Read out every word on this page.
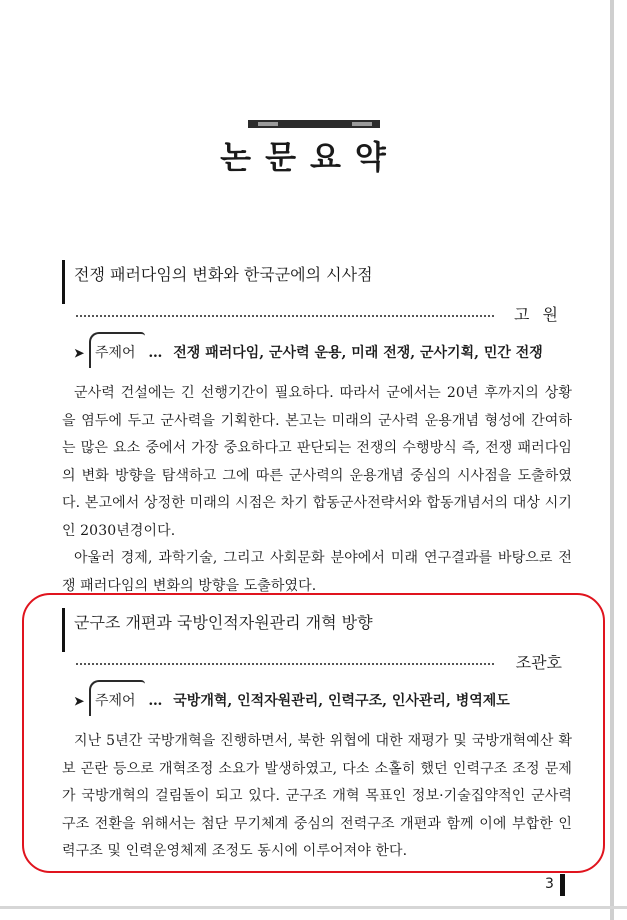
논문요약
전쟁 패러다임의 변화와 한국군에의 시사점
고 원
➤ 주제어 … 전쟁 패러다임, 군사력 운용, 미래 전쟁, 군사기획, 민간 전쟁

군사력 건설에는 긴 선행기간이 필요하다. 따라서 군에서는 20년 후까지의 상황을 염두에 두고 군사력을 기획한다. 본고는 미래의 군사력 운용개념 형성에 간여하는 많은 요소 중에서 가장 중요하다고 판단되는 전쟁의 수행방식 즉, 전쟁 패러다임의 변화 방향을 탐색하고 그에 따른 군사력의 운용개념 중심의 시사점을 도출하였다. 본고에서 상정한 미래의 시점은 차기 합동군사전략서와 합동개념서의 대상 시기인 2030년경이다.

아울러 경제, 과학기술, 그리고 사회문화 분야에서 미래 연구결과를 바탕으로 전쟁 패러다임의 변화의 방향을 도출하였다.

군구조 개편과 국방인적자원관리 개혁 방향
조관호
➤ 주제어 … 국방개혁, 인적자원관리, 인력구조, 인사관리, 병역제도

지난 5년간 국방개혁을 진행하면서, 북한 위협에 대한 재평가 및 국방개혁예산 확보 곤란 등으로 개혁조정 소요가 발생하였고, 다소 소홀히 했던 인력구조 조정 문제가 국방개혁의 걸림돌이 되고 있다. 군구조 개혁 목표인 정보·기술집약적인 군사력 구조 전환을 위해서는 첨단 무기체계 중심의 전력구조 개편과 함께 이에 부합한 인력구조 및 인력운영체제 조정도 동시에 이루어져야 한다.

3
